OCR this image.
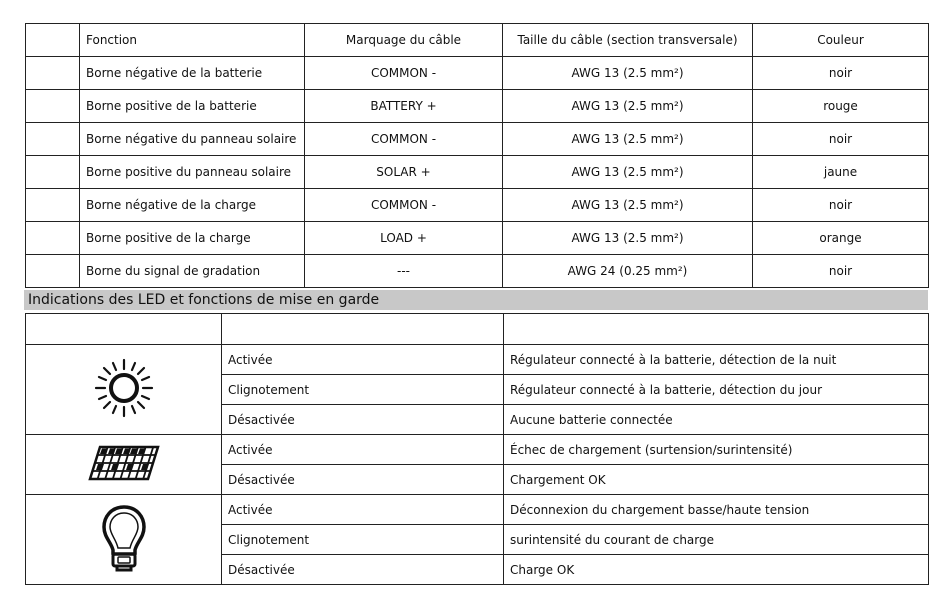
	Fonction	Marquage du câble	Taille du câble (section transversale)	Couleur
	Borne négative de la batterie	COMMON -	AWG 13 (2.5 mm²)	noir
	Borne positive de la batterie	BATTERY +	AWG 13 (2.5 mm²)	rouge
	Borne négative du panneau solaire	COMMON -	AWG 13 (2.5 mm²)	noir
	Borne positive du panneau solaire	SOLAR +	AWG 13 (2.5 mm²)	jaune
	Borne négative de la charge	COMMON -	AWG 13 (2.5 mm²)	noir
	Borne positive de la charge	LOAD +	AWG 13 (2.5 mm²)	orange
	Borne du signal de gradation	---	AWG 24 (0.25 mm²)	noir
Indications des LED et fonctions de mise en garde

	Activée	Régulateur connecté à la batterie, détection de la nuit
	Clignotement	Régulateur connecté à la batterie, détection du jour
	Désactivée	Aucune batterie connectée
	Activée	Échec de chargement (surtension/surintensité)
	Désactivée	Chargement OK
	Activée	Déconnexion du chargement basse/haute tension
	Clignotement	surintensité du courant de charge
	Désactivée	Charge OK
